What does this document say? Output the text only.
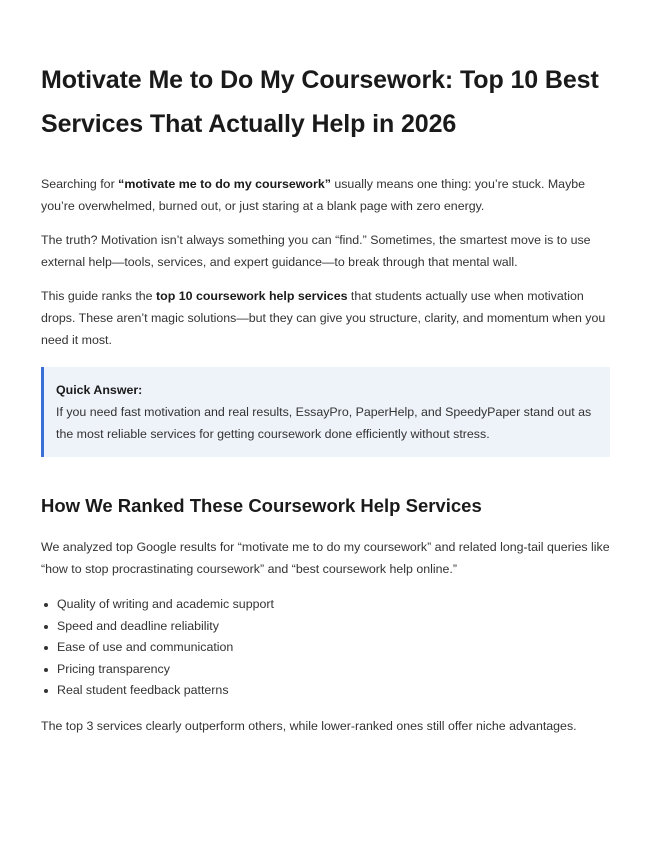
Motivate Me to Do My Coursework: Top 10 Best Services That Actually Help in 2026

Searching for “motivate me to do my coursework” usually means one thing: you’re stuck. Maybe you’re overwhelmed, burned out, or just staring at a blank page with zero energy.

The truth? Motivation isn’t always something you can “find.” Sometimes, the smartest move is to use external help—tools, services, and expert guidance—to break through that mental wall.

This guide ranks the top 10 coursework help services that students actually use when motivation drops. These aren’t magic solutions—but they can give you structure, clarity, and momentum when you need it most.

Quick Answer:
If you need fast motivation and real results, EssayPro, PaperHelp, and SpeedyPaper stand out as the most reliable services for getting coursework done efficiently without stress.
How We Ranked These Coursework Help Services

We analyzed top Google results for “motivate me to do my coursework” and related long-tail queries like “how to stop procrastinating coursework” and “best coursework help online.”

Quality of writing and academic support
Speed and deadline reliability
Ease of use and communication
Pricing transparency
Real student feedback patterns

The top 3 services clearly outperform others, while lower-ranked ones still offer niche advantages.
